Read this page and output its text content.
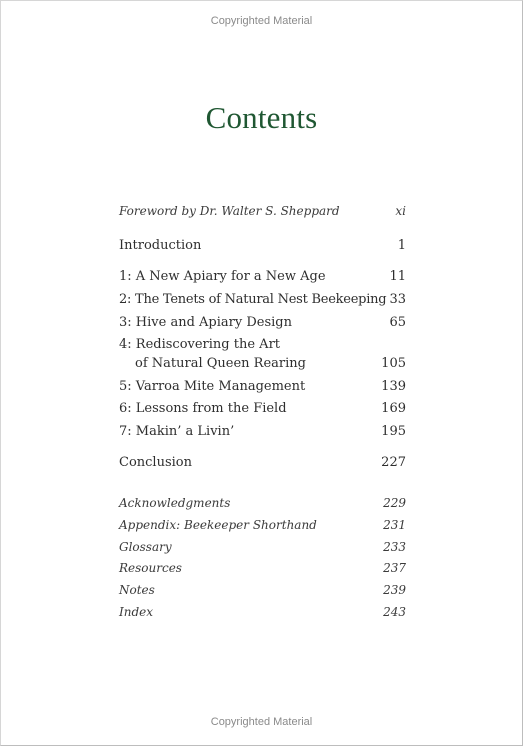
Copyrighted Material
Contents
Foreword by Dr. Walter S. Sheppard	xi
Introduction	1
1: A New Apiary for a New Age	11
2: The Tenets of Natural Nest Beekeeping 33
3: Hive and Apiary Design	65
4: Rediscovering the Art
of Natural Queen Rearing	105
5: Varroa Mite Management	139
6: Lessons from the Field	169
7: Makin’ a Livin’	195
Conclusion	227
Acknowledgments	229
Appendix: Beekeeper Shorthand	231
Glossary	233
Resources	237
Notes	239
Index	243
Copyrighted Material
